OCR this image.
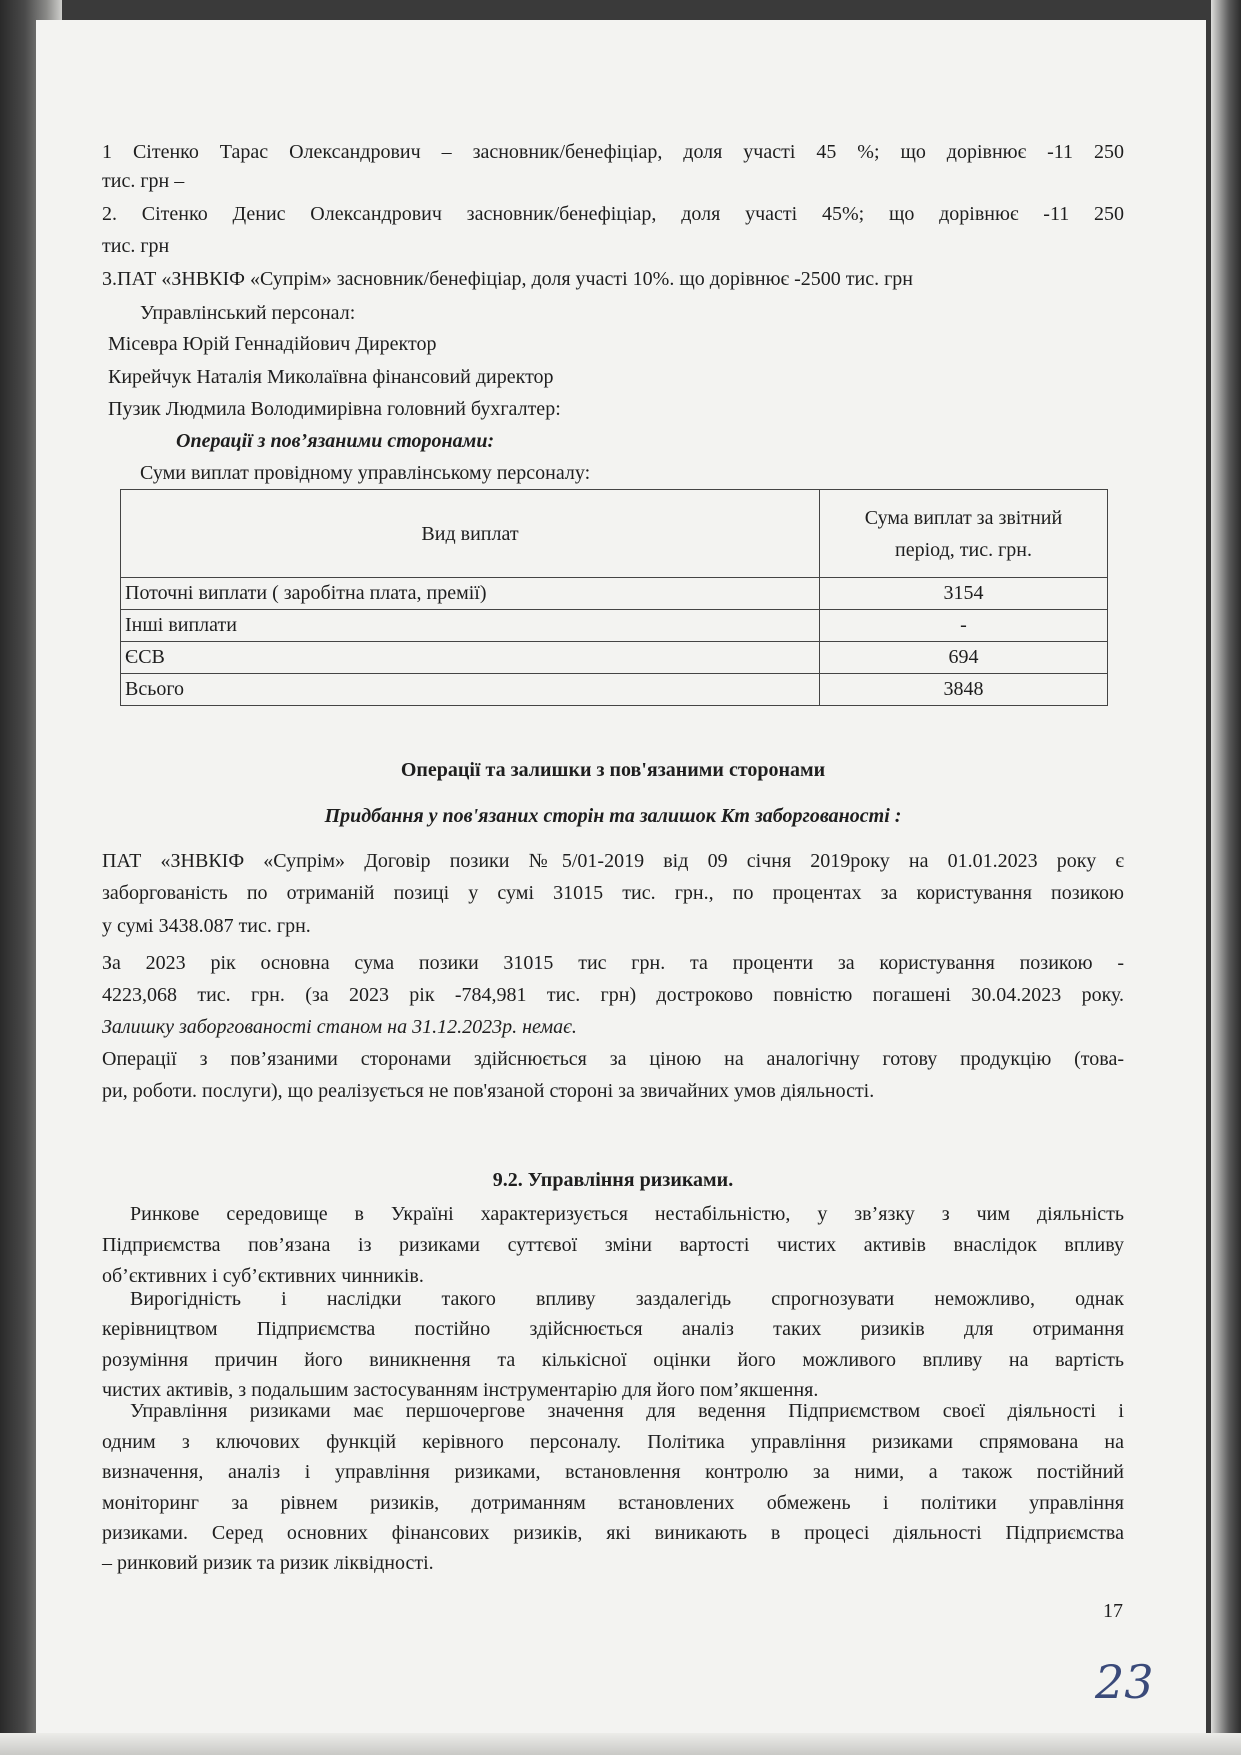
1 Сітенко Тарас Олександрович – засновник/бенефіціар, доля участі 45 %; що дорівнює -11 250

тис. грн –

2. Сітенко Денис Олександрович засновник/бенефіціар, доля участі 45%; що дорівнює -11 250

тис. грн

3.ПАТ «ЗНВКІФ «Супрім» засновник/бенефіціар, доля участі 10%. що дорівнює -2500 тис. грн

Управлінський персонал:

Місевра Юрій Геннадійович Директор

Кирейчук Наталія Миколаївна фінансовий директор

Пузик Людмила Володимирівна головний бухгалтер:

Операції з пов’язаними сторонами:

Суми виплат провідному управлінському персоналу:

Вид виплат	Сума виплат за звітний
період, тис. грн.
Поточні виплати ( заробітна плата, премії)	3154
Інші виплати	-
ЄСВ	694
Всього	3848

Операції та залишки з пов'язаними сторонами

Придбання у пов'язаних сторін та залишок Кт заборгованості :

ПАТ «ЗНВКІФ «Супрім» Договір позики №5/01-2019 від 09 січня 2019року на 01.01.2023 року є

заборгованість по отриманій позиці у сумі 31015 тис. грн., по процентах за користування позикою

у сумі 3438.087 тис. грн.

За 2023 рік основна сума позики 31015 тис грн. та проценти за користування позикою -

4223,068 тис. грн. (за 2023 рік -784,981 тис. грн) достроково повністю погашені 30.04.2023 року.

Залишку заборгованості станом на 31.12.2023р. немає.

Операції з пов’язаними сторонами здійснюється за ціною на аналогічну готову продукцію (това-

ри, роботи. послуги), що реалізується не пов'язаной стороні за звичайних умов діяльності.

9.2. Управління ризиками.

Ринкове середовище в Україні характеризується нестабільністю, у зв’язку з чим діяльність

Підприємства пов’язана із ризиками суттєвої зміни вартості чистих активів внаслідок впливу

об’єктивних і суб’єктивних чинників.

Вирогідність і наслідки такого впливу заздалегідь спрогнозувати неможливо, однак

керівництвом Підприємства постійно здійснюється аналіз таких ризиків для отримання

розуміння причин його виникнення та кількісної оцінки його можливого впливу на вартість

чистих активів, з подальшим застосуванням інструментарію для його пом’якшення.

Управління ризиками має першочергове значення для ведення Підприємством своєї діяльності і

одним з ключових функцій керівного персоналу. Політика управління ризиками спрямована на

визначення, аналіз і управління ризиками, встановлення контролю за ними, а також постійний

моніторинг за рівнем ризиків, дотриманням встановлених обмежень і політики управління

ризиками. Серед основних фінансових ризиків, які виникають в процесі діяльності Підприємства

– ринковий ризик та ризик ліквідності.

17
23
